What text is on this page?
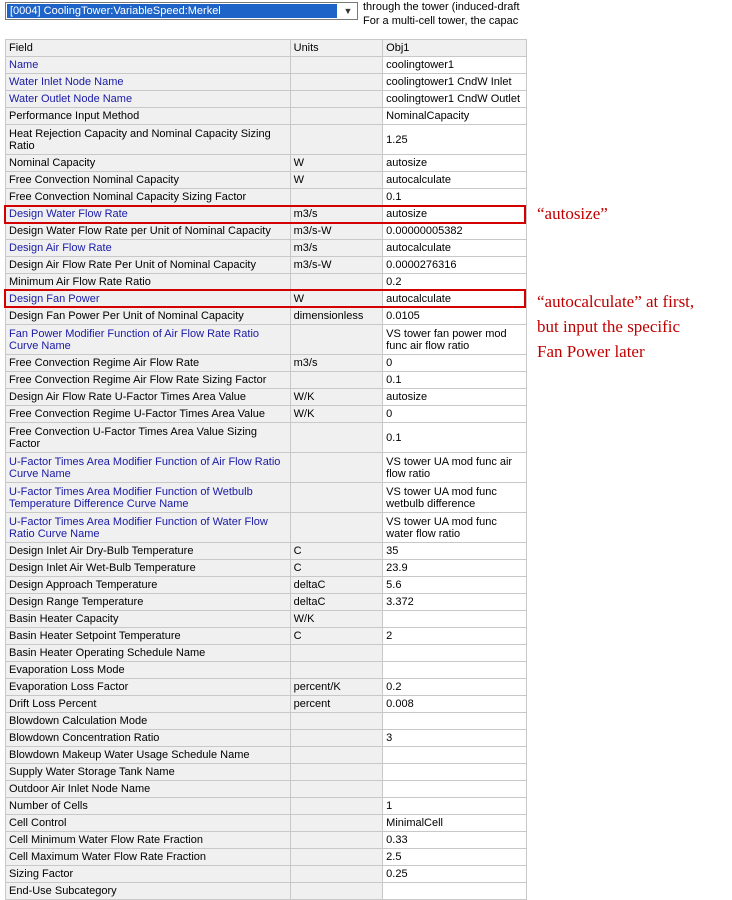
[0004] CoolingTower:VariableSpeed:Merkel	▼ through the tower (induced-draft
For a multi-cell tower, the capac
Field	Units	Obj1
Name		coolingtower1
Water Inlet Node Name		coolingtower1 CndW Inlet
Water Outlet Node Name		coolingtower1 CndW Outlet
Performance Input Method		NominalCapacity
Heat Rejection Capacity and Nominal Capacity Sizing Ratio		1.25
Nominal Capacity	W	autosize
Free Convection Nominal Capacity	W	autocalculate
Free Convection Nominal Capacity Sizing Factor		0.1
Design Water Flow Rate	m3/s	autosize
Design Water Flow Rate per Unit of Nominal Capacity	m3/s-W	0.00000005382
Design Air Flow Rate	m3/s	autocalculate
Design Air Flow Rate Per Unit of Nominal Capacity	m3/s-W	0.0000276316
Minimum Air Flow Rate Ratio		0.2
Design Fan Power	W	autocalculate
Design Fan Power Per Unit of Nominal Capacity	dimensionless	0.0105
Fan Power Modifier Function of Air Flow Rate Ratio Curve Name		VS tower fan power mod func air flow ratio
Free Convection Regime Air Flow Rate	m3/s	0
Free Convection Regime Air Flow Rate Sizing Factor		0.1
Design Air Flow Rate U-Factor Times Area Value	W/K	autosize
Free Convection Regime U-Factor Times Area Value	W/K	0
Free Convection U-Factor Times Area Value Sizing Factor		0.1
U-Factor Times Area Modifier Function of Air Flow Ratio Curve Name		VS tower UA mod func air flow ratio
U-Factor Times Area Modifier Function of Wetbulb Temperature Difference Curve Name		VS tower UA mod func wetbulb difference
U-Factor Times Area Modifier Function of Water Flow Ratio Curve Name		VS tower UA mod func water flow ratio
Design Inlet Air Dry-Bulb Temperature	C	35
Design Inlet Air Wet-Bulb Temperature	C	23.9
Design Approach Temperature	deltaC	5.6
Design Range Temperature	deltaC	3.372
Basin Heater Capacity	W/K	
Basin Heater Setpoint Temperature	C	2
Basin Heater Operating Schedule Name		
Evaporation Loss Mode		
Evaporation Loss Factor	percent/K	0.2
Drift Loss Percent	percent	0.008
Blowdown Calculation Mode		
Blowdown Concentration Ratio		3
Blowdown Makeup Water Usage Schedule Name		
Supply Water Storage Tank Name		
Outdoor Air Inlet Node Name		
Number of Cells		1
Cell Control		MinimalCell
Cell Minimum Water Flow Rate Fraction		0.33
Cell Maximum Water Flow Rate Fraction		2.5
Sizing Factor		0.25
End-Use Subcategory		
“autosize”
“autocalculate” at first,
but input the specific
Fan Power later
